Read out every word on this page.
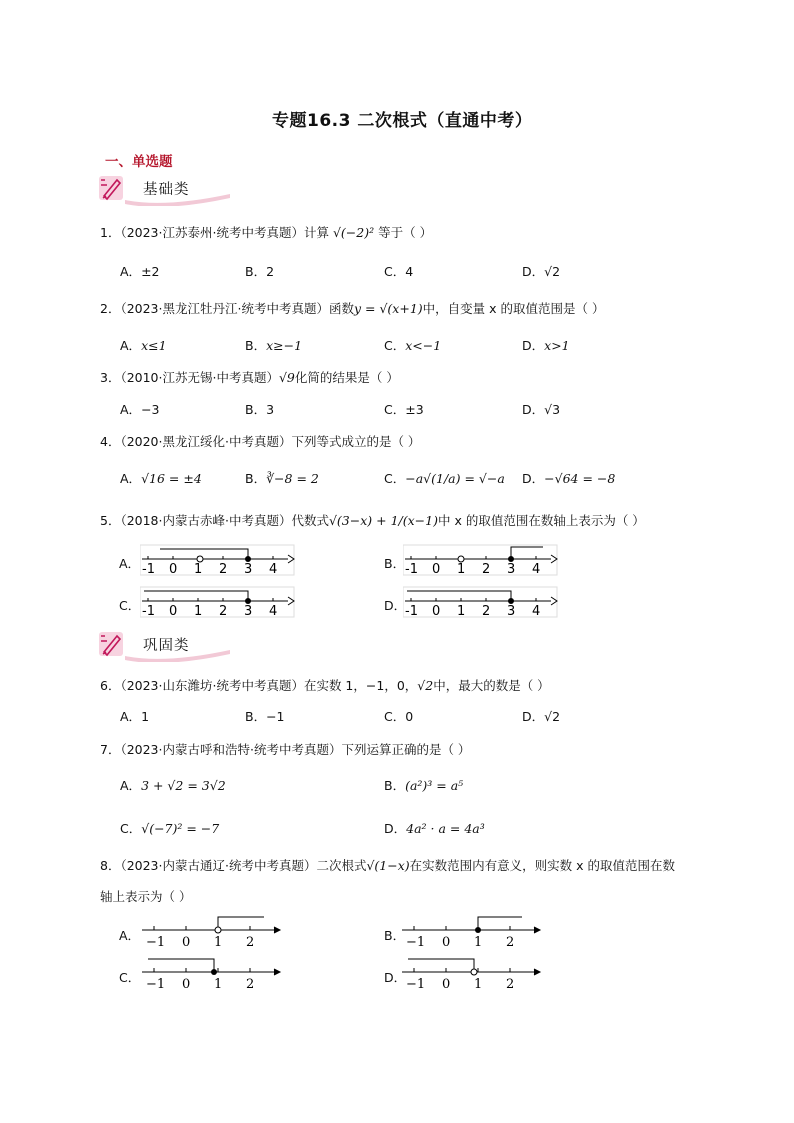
专题16.3 二次根式（直通中考）
一、单选题
基础类
1．（2023·江苏泰州·统考中考真题）计算 √(−2)² 等于（ ）
A．±2	B．2	C．4	D．√2
2．（2023·黑龙江牡丹江·统考中考真题）函数y = √(x+1)中，自变量 x 的取值范围是（ ）
A．x≤1	B．x≥−1	C．x<−1	D．x>1
3．（2010·江苏无锡·中考真题）√9化简的结果是（ ）
A．−3	B．3	C．±3	D．√3
4．（2020·黑龙江绥化·中考真题）下列等式成立的是（ ）
A．√16 = ±4	B．∛−8 = 2	C．−a√(1/a) = √−a D．−√64 = −8
5．（2018·内蒙古赤峰·中考真题）代数式√(3−x) + 1/(x−1)中 x 的取值范围在数轴上表示为（ ）
A． -1 0 1 2 3 4	B． -1 0 1 2 3 4
C． -1 0 1 2 3 4	D．
-1 0 1 2 3 4
巩固类
6．（2023·山东潍坊·统考中考真题）在实数 1，−1，0，√2中，最大的数是（ ）
A．1	B．−1	C．0	D．√2
7．（2023·内蒙古呼和浩特·统考中考真题）下列运算正确的是（ ）
A．3 + √2 = 3√2	B．(a²)³ = a⁵
C．√(−7)² = −7	D．4a² · a = 4a³
8．（2023·内蒙古通辽·统考中考真题）二次根式√(1−x)在实数范围内有意义，则实数 x 的取值范围在数
轴上表示为（ ）
A． −1 0 1 2	B． −1 0 1 2
C． −1 0 1 2	D． −1 0 1 2
